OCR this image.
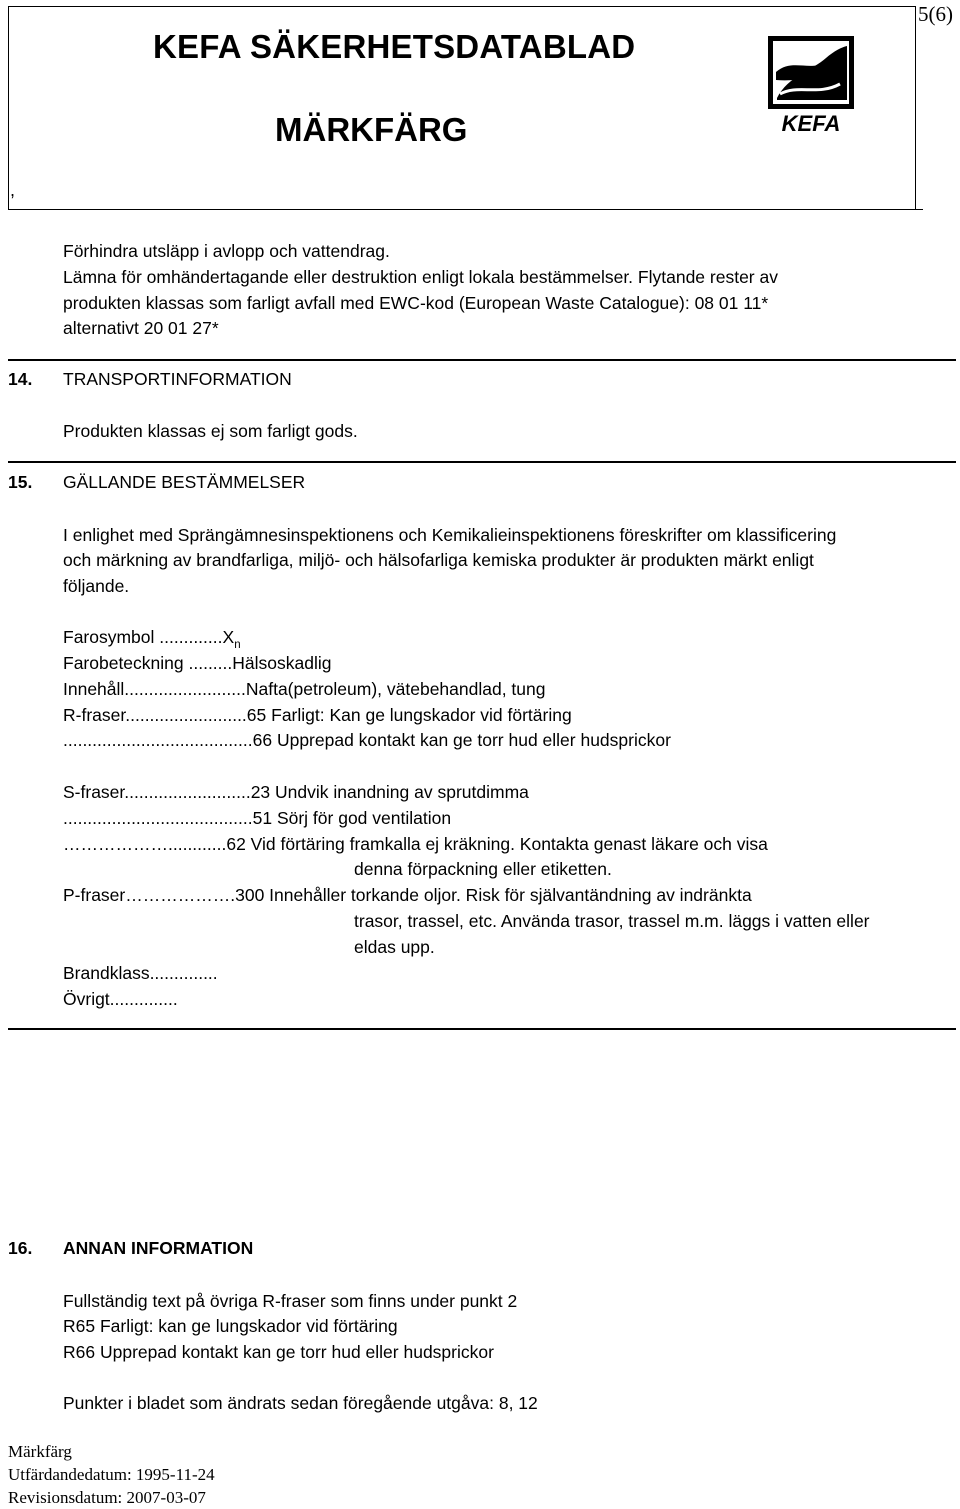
KEFA SÄKERHETSDATABLAD
MÄRKFÄRG
,
5(6)
KEFA
Förhindra utsläpp i avlopp och vattendrag.
Lämna för omhändertagande eller destruktion enligt lokala bestämmelser. Flytande rester av
produkten klassas som farligt avfall med EWC-kod (European Waste Catalogue): 08 01 11*
alternativt 20 01 27*
14. TRANSPORTINFORMATION
Produkten klassas ej som farligt gods.
15. GÄLLANDE BESTÄMMELSER
I enlighet med Sprängämnesinspektionens och Kemikalieinspektionens föreskrifter om klassificering
och märkning av brandfarliga, miljö- och hälsofarliga kemiska produkter är produkten märkt enligt
följande.
Farosymbol $.............X_n$
Farobeteckning .........Hälsoskadlig
Innehåll.........................Nafta(petroleum), vätebehandlad, tung
R-fraser.........................65 Farligt: Kan ge lungskador vid förtäring
.......................................66 Upprepad kontakt kan ge torr hud eller hudsprickor
S-fraser..........................23 Undvik inandning av sprutdimma
.......................................51 Sörj för god ventilation
………………............62 Vid förtäring framkalla ej kräkning. Kontakta genast läkare och visa
denna förpackning eller etiketten.
P-fraser……………….300 Innehåller torkande oljor. Risk för självantändning av indränkta
trasor, trassel, etc. Använda trasor, trassel m.m. läggs i vatten eller
eldas upp.
Brandklass..............
Övrigt..............
16. ANNAN INFORMATION
Fullständig text på övriga R-fraser som finns under punkt 2
R65 Farligt: kan ge lungskador vid förtäring
R66 Upprepad kontakt kan ge torr hud eller hudsprickor
Punkter i bladet som ändrats sedan föregående utgåva: 8, 12
Märkfärg
Utfärdandedatum: 1995-11-24
Revisionsdatum: 2007-03-07
